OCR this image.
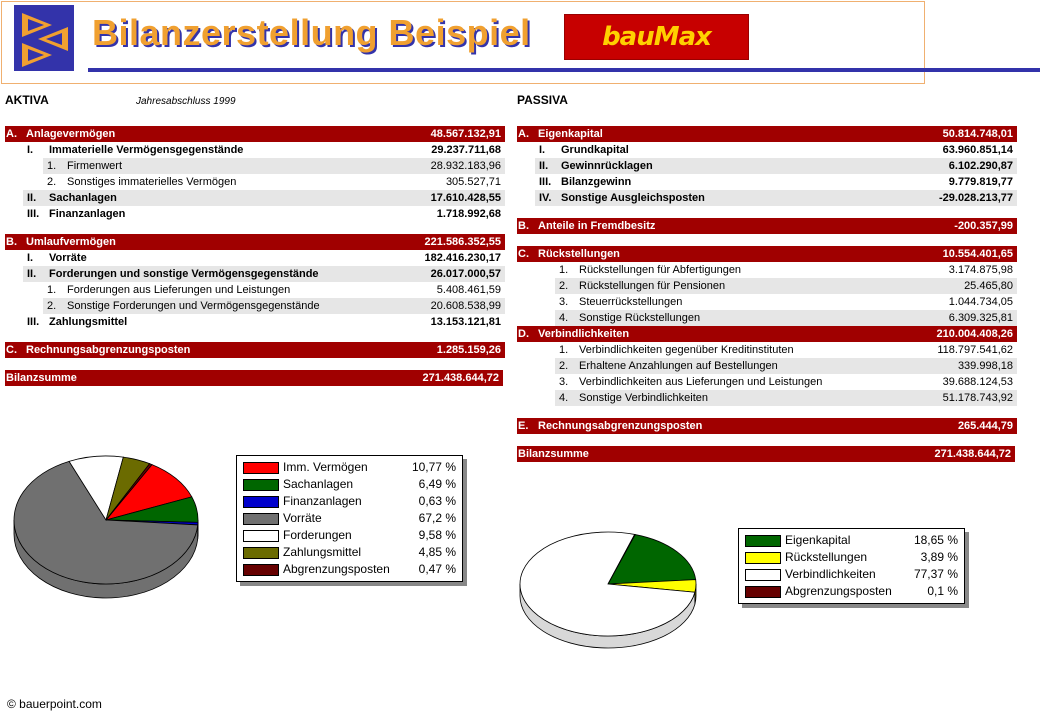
Bilanzerstellung Beispiel	bauMax
AKTIVA	Jahresabschluss 1999
A. Anlagevermögen	48.567.132,91
I. Immaterielle Vermögensgegenstände	29.237.711,68
1. Firmenwert	28.932.183,96
2. Sonstiges immaterielles Vermögen	305.527,71
II. Sachanlagen	17.610.428,55
III. Finanzanlagen	1.718.992,68
B. Umlaufvermögen	221.586.352,55
I. Vorräte	182.416.230,17
II. Forderungen und sonstige Vermögensgegenstände	26.017.000,57
1. Forderungen aus Lieferungen und Leistungen	5.408.461,59
2. Sonstige Forderungen und Vermögensgegenstände	20.608.538,99
III. Zahlungsmittel	13.153.121,81
C. Rechnungsabgrenzungsposten	1.285.159,26
Bilanzsumme	271.438.644,72
PASSIVA
A. Eigenkapital	50.814.748,01
I. Grundkapital	63.960.851,14
II. Gewinnrücklagen	6.102.290,87
III. Bilanzgewinn	9.779.819,77
IV. Sonstige Ausgleichsposten	-29.028.213,77
B. Anteile in Fremdbesitz	-200.357,99
C. Rückstellungen	10.554.401,65
1. Rückstellungen für Abfertigungen	3.174.875,98
2. Rückstellungen für Pensionen	25.465,80
3. Steuerrückstellungen	1.044.734,05
4. Sonstige Rückstellungen	6.309.325,81
D. Verbindlichkeiten	210.004.408,26
1. Verbindlichkeiten gegenüber Kreditinstituten	118.797.541,62
2. Erhaltene Anzahlungen auf Bestellungen	339.998,18
3. Verbindlichkeiten aus Lieferungen und Leistungen	39.688.124,53
4. Sonstige Verbindlichkeiten	51.178.743,92
E. Rechnungsabgrenzungsposten	265.444,79
Bilanzsumme	271.438.644,72
Imm. Vermögen	10,77 %
Sachanlagen	6,49 %
Finanzanlagen	0,63 %
Vorräte	67,2 %
Forderungen	9,58 %
Zahlungsmittel	4,85 %
Abgrenzungsposten 0,47 %
Eigenkapital	18,65 %
Rückstellungen	3,89 %
Verbindlichkeiten	77,37 %
Abgrenzungsposten	0,1 %
© bauerpoint.com
